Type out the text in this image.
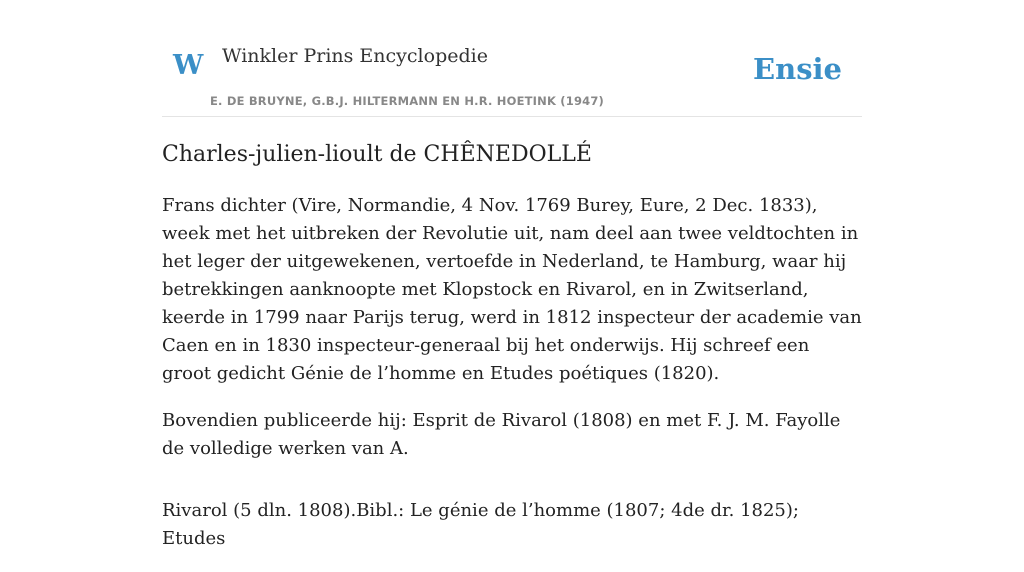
W Winkler Prins Encyclopedie
E. DE BRUYNE, G.B.J. HILTERMANN EN H.R. HOETINK (1947)
Ensie
Charles-julien-lioult de CHÊNEDOLLÉ

Frans dichter (Vire, Normandie, 4 Nov. 1769 Burey, Eure, 2 Dec. 1833), week met het uitbreken der Revolutie uit, nam deel aan twee veldtochten in het leger der uitgewekenen, vertoefde in Nederland, te Hamburg, waar hij betrekkingen aanknoopte met Klopstock en Rivarol, en in Zwitserland, keerde in 1799 naar Parijs terug, werd in 1812 inspecteur der academie van Caen en in 1830 inspecteur-generaal bij het onderwijs. Hij schreef een groot gedicht Génie de l’homme en Etudes poétiques (1820).

Bovendien publiceerde hij: Esprit de Rivarol (1808) en met F. J. M. Fayolle de volledige werken van A.

Rivarol (5 dln. 1808).Bibl.: Le génie de l’homme (1807; 4de dr. 1825); Etudes
